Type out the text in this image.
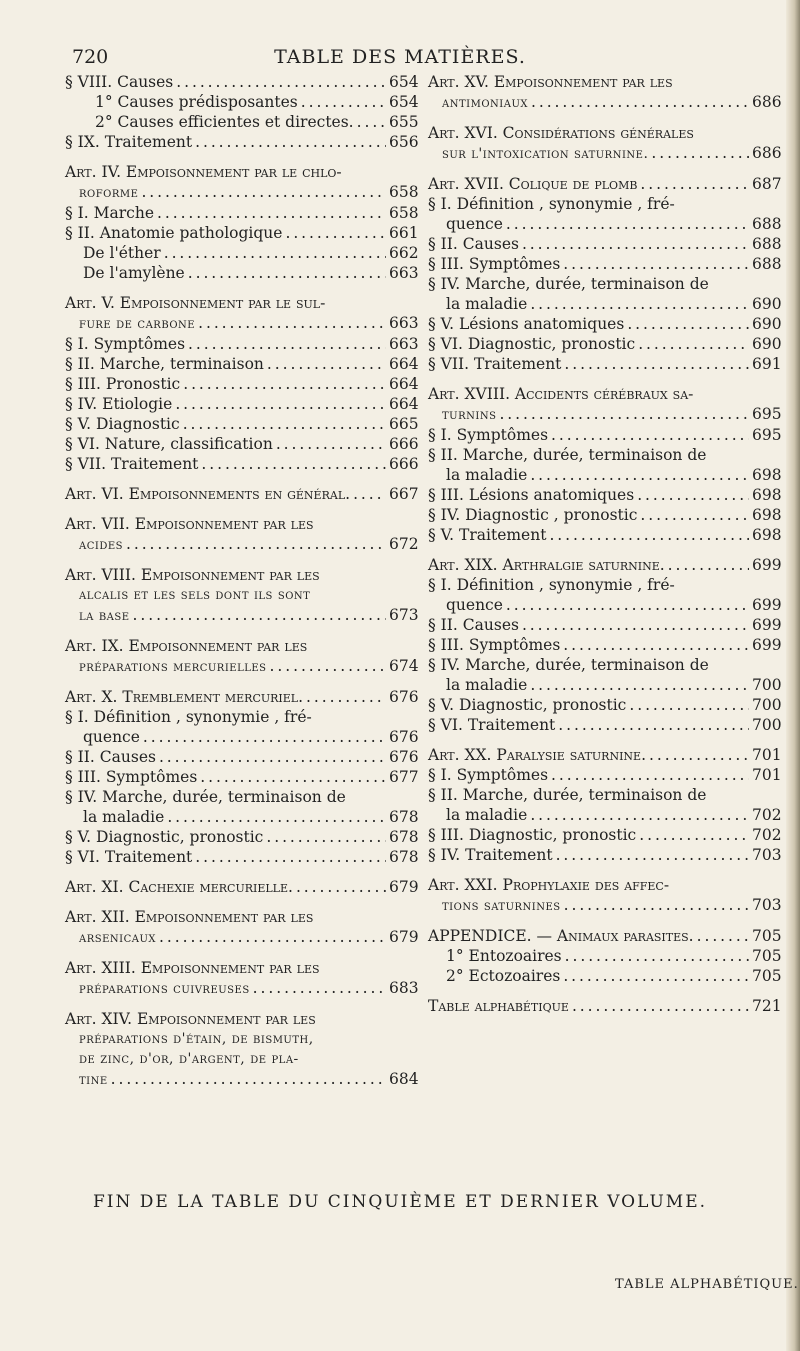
720	TABLE DES MATIÈRES.
§ VIII. Causes . . .	654
1° Causes prédisposantes . . .	654
2° Causes efficientes et directes. . . . 655
§ IX. Traitement . . .	656
Art. IV. Empoisonnement par le chlo-
roforme . . .	658
§ I. Marche . . .	658
§ II. Anatomie pathologique . . .	661
De l'éther . . .	662
De l'amylène . . .	663
Art. V. Empoisonnement par le sul-
fure de carbone . . .	663
§ I. Symptômes . . .	663
§ II. Marche, terminaison . . .	664
§ III. Pronostic . . .	664
§ IV. Etiologie . . .	664
§ V. Diagnostic . . .	665
§ VI. Nature, classification . . .	666
§ VII. Traitement . . .	666
Art. VI. Empoisonnements en général. . . .	667
Art. VII. Empoisonnement par les
acides . . .	672
Art. VIII. Empoisonnement par les
alcalis et les sels dont ils sont
la base . . .	673
Art. IX. Empoisonnement par les
préparations mercurielles . . .	674
Art. X. Tremblement mercuriel. . . .	676
§ I. Définition , synonymie , fré-
quence . . .	676
§ II. Causes . . .	676
§ III. Symptômes . . .	677
§ IV. Marche, durée, terminaison de
la maladie . . .	678
§ V. Diagnostic, pronostic . . .	678
§ VI. Traitement . . .	678
Art. XI. Cachexie mercurielle. . . .	679
Art. XII. Empoisonnement par les
arsenicaux . . .	679
Art. XIII. Empoisonnement par les
préparations cuivreuses . . .	683
Art. XIV. Empoisonnement par les
préparations d'étain, de bismuth,
de zinc, d'or, d'argent, de pla-
tine . . .	684
Art. XV. Empoisonnement par les
antimoniaux . . .	686
Art. XVI. Considérations générales
sur l'intoxication saturnine. . . .	686
Art. XVII. Colique de plomb . . .	687
§ I. Définition , synonymie , fré-
quence . . .	688
§ II. Causes . . .	688
§ III. Symptômes . . .	688
§ IV. Marche, durée, terminaison de
la maladie . . .	690
§ V. Lésions anatomiques . . .	690
§ VI. Diagnostic, pronostic . . .	690
§ VII. Traitement . . .	691
Art. XVIII. Accidents cérébraux sa-
turnins . . .	695
§ I. Symptômes . . .	695
§ II. Marche, durée, terminaison de
la maladie . . .	698
§ III. Lésions anatomiques . . .	698
§ IV. Diagnostic , pronostic . . .	698
§ V. Traitement . . .	698
Art. XIX. Arthralgie saturnine. . . .	699
§ I. Définition , synonymie , fré-
quence . . .	699
§ II. Causes . . .	699
§ III. Symptômes . . .	699
§ IV. Marche, durée, terminaison de
la maladie . . .	700
§ V. Diagnostic, pronostic . . .	700
§ VI. Traitement . . .	700
Art. XX. Paralysie saturnine. . . .	701
§ I. Symptômes . . .	701
§ II. Marche, durée, terminaison de
la maladie . . .	702
§ III. Diagnostic, pronostic . . .	702
§ IV. Traitement . . .	703
Art. XXI. Prophylaxie des affec-
tions saturnines . . .	703
APPENDICE. — Animaux parasites. . . .	705
1° Entozoaires . . .	705
2° Ectozoaires . . .	705
Table alphabétique . . .	721
FIN DE LA TABLE DU CINQUIÈME ET DERNIER VOLUME.
TABLE ALPHABÉTIQUE.
